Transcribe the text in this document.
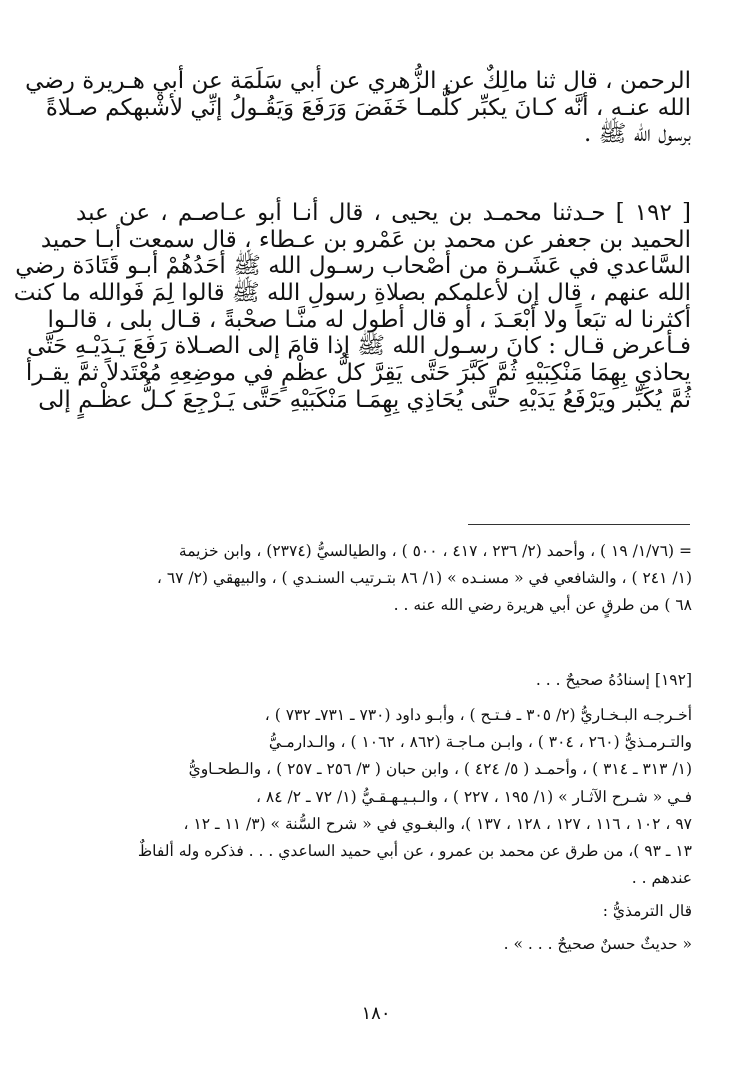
الرحمن ، قال ثنا مالِكٌ عن الزُّهري عن أبي سَلَمَة عن أبي هـريرة رضي
الله عنـه ، أنَّه كـانَ يكبِّر كلَّمـا خَفَضَ وَرَفَعَ وَيَقُـولُ إنِّي لأشْبهكم صـلاةً
برسول الله ﷺ .
[ ١٩٢ ] حـدثنا محمـد بن يحيى ، قال أنـا أبو عـاصـم ، عن عبد
الحميد بن جعفر عن محمد بن عَمْرو بن عـطاء ، قال سمعت أبـا حميد
السَّاعدي في عَشَـرة من أصْحاب رسـول الله ﷺ أحَدُهُمْ أبـو قَتَادَة رضي
الله عنهم ، قال إن لأعلمكم بصلاةِ رسولِ الله ﷺ قالوا لِمَ فَوالله ما كنت
أكثرنا له تبَعاً ولا أبْعَـدَ ، أو قال أطول له منَّـا صحْبةً ، قـال بلى ، قالـوا
فـأعرض قـال : كانَ رسـول الله ﷺ إذا قامَ إلى الصـلاة رَفَعَ يَـدَيْـهِ حَتَّى
يحاذي بِهِمَا مَنْكِبَيْهِ ثُمَّ كَبَّرَ حَتَّى يَقِرَّ كلُّ عظْمٍ في موضِعِهِ مُعْتَدلاً ثمَّ يقـرأ
ثُمَّ يُكَبِّر ويَرْفَعُ يَدَيْهِ حتَّى يُحَاذِي بِهِمَـا مَنْكَبَيْهِ حَتَّى يَـرْجِعَ كـلُّ عظْـمٍ إلى
= (١/٧٦/ ١٩ ) ، وأحمد (٢/ ٢٣٦ ، ٤١٧ ، ٥٠٠ ) ، والطيالسيُّ (٢٣٧٤) ، وابن خزيمة
(١/ ٢٤١ ) ، والشافعي في « مسنـده » (١/ ٨٦ بتـرتيب السنـدي ) ، والبيهقي (٢/ ٦٧ ،
٦٨ ) من طرقٍ عن أبي هريرة رضي الله عنه . .
[١٩٢] إسنادُهُ صحيحٌ . . .
أخـرجـه البـخـاريُّ (٢/ ٣٠٥ ـ فـتـح ) ، وأبـو داود (٧٣٠ ـ ٧٣١ـ ٧٣٢ ) ،
والتـرمـذيُّ (٢٦٠ ، ٣٠٤ ) ، وابـن مـاجـة (٨٦٢ ، ١٠٦٢ ) ، والـدارمـيُّ
(١/ ٣١٣ ـ ٣١٤ ) ، وأحمـد ( ٥/ ٤٢٤ ) ، وابن حبان ( ٣/ ٢٥٦ ـ ٢٥٧ ) ، والـطحـاويُّ
فـي « شـرح الآثـار » (١/ ١٩٥ ، ٢٢٧ ) ، والـبـيـهـقـيُّ (١/ ٧٢ ـ ٢/ ٨٤ ،
٩٧ ، ١٠٢ ، ١١٦ ، ١٢٧ ، ١٢٨ ، ١٣٧ )، والبغـوي في « شرح السُّنة » (٣/ ١١ ـ ١٢ ،
١٣ ـ ٩٣ )، من طرق عن محمد بن عمرو ، عن أبي حميد الساعدي . . . فذكره وله ألفاظٌ
عندهم . .
قال الترمذيُّ :
« حديثٌ حسنٌ صحيحٌ . . . » .
١٨٠
